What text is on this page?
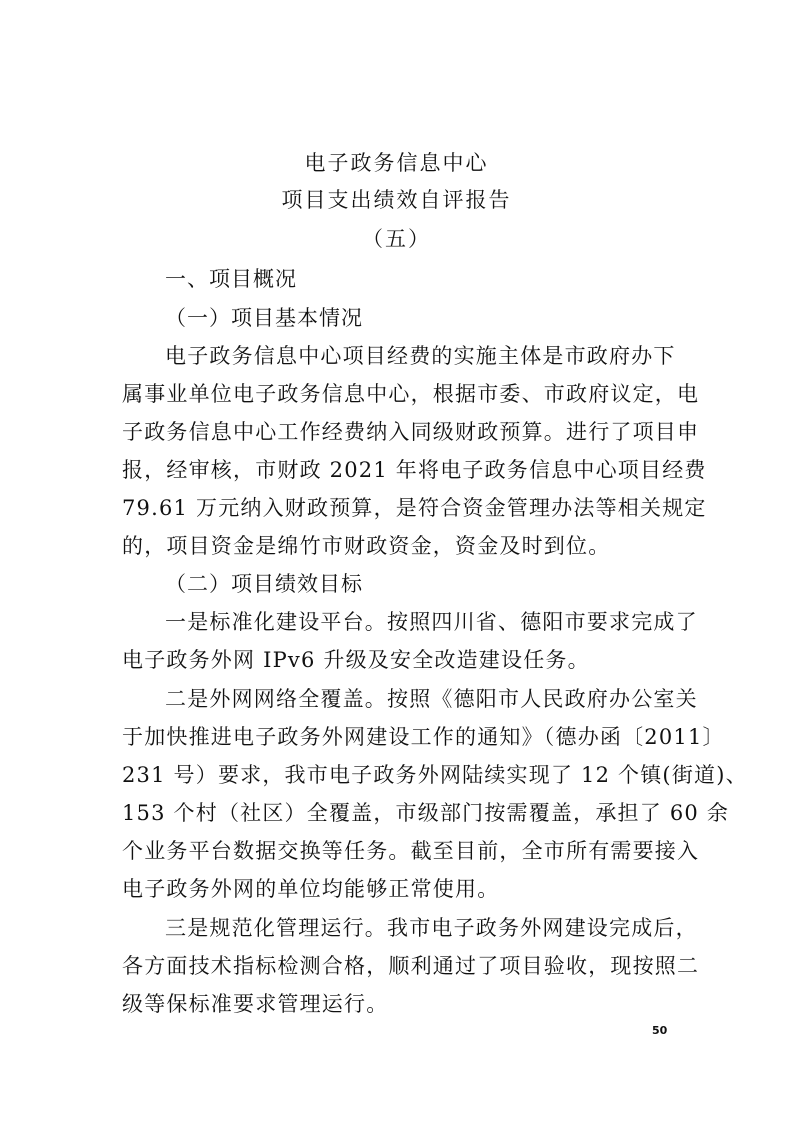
电子政务信息中心
项目支出绩效自评报告
（五）
一、项目概况
（一）项目基本情况
电子政务信息中心项目经费的实施主体是市政府办下
属事业单位电子政务信息中心，根据市委、市政府议定，电
子政务信息中心工作经费纳入同级财政预算。进行了项目申
报，经审核，市财政 2021 年将电子政务信息中心项目经费
79.61 万元纳入财政预算，是符合资金管理办法等相关规定
的，项目资金是绵竹市财政资金，资金及时到位。
（二）项目绩效目标
一是标准化建设平台。按照四川省、德阳市要求完成了
电子政务外网 IPv6 升级及安全改造建设任务。
二是外网网络全覆盖。按照《德阳市人民政府办公室关
于加快推进电子政务外网建设工作的通知》（德办函〔2011〕
231 号）要求，我市电子政务外网陆续实现了 12 个镇(街道)、
153 个村（社区）全覆盖，市级部门按需覆盖，承担了 60 余
个业务平台数据交换等任务。截至目前，全市所有需要接入
电子政务外网的单位均能够正常使用。
三是规范化管理运行。我市电子政务外网建设完成后，
各方面技术指标检测合格，顺利通过了项目验收，现按照二
级等保标准要求管理运行。
50
